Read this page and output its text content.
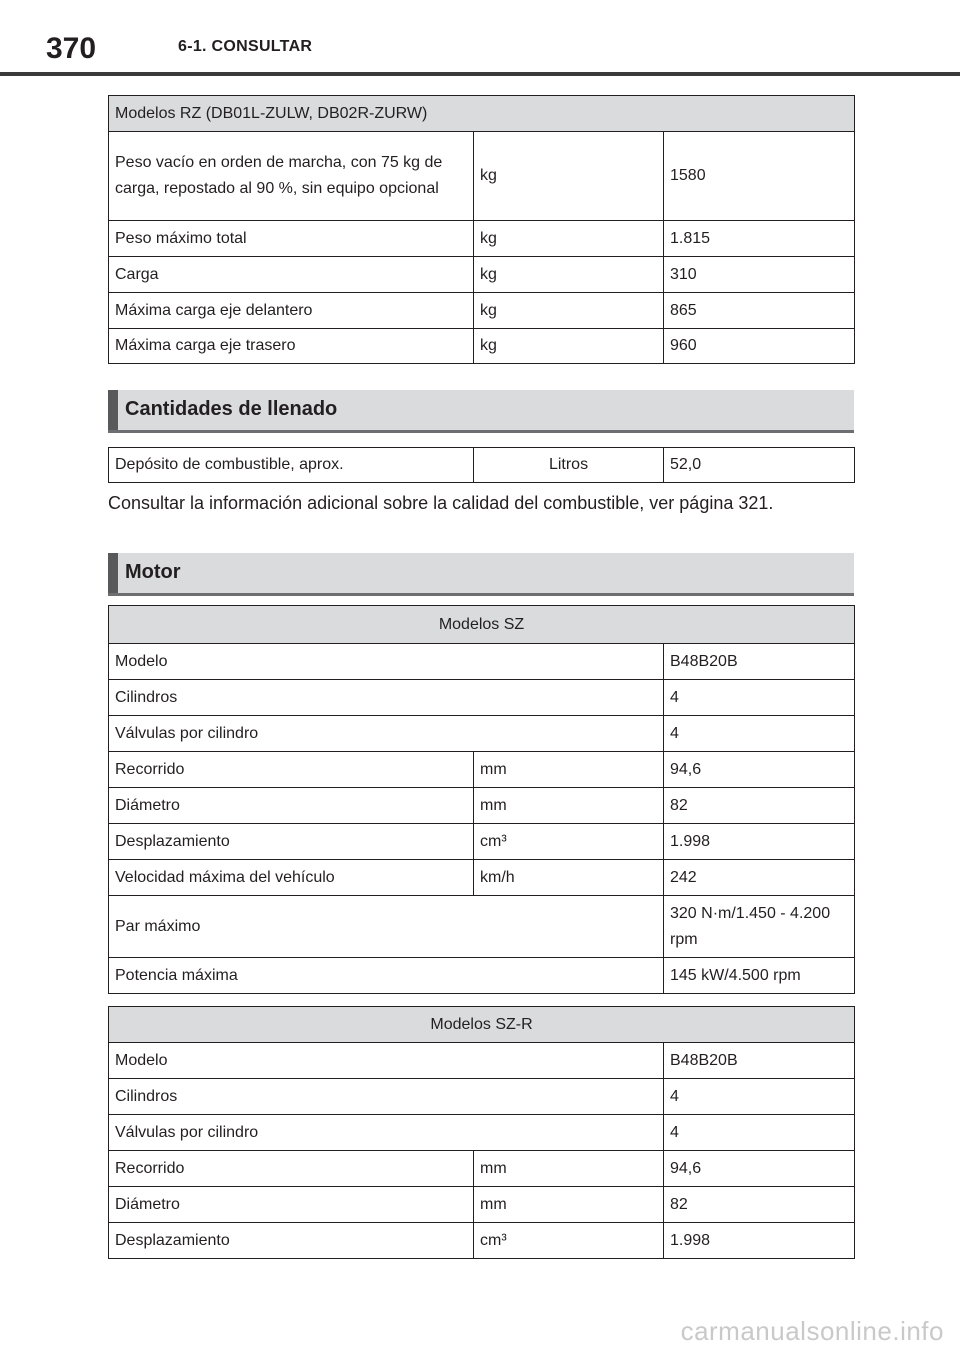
370	6-1. CONSULTAR
Modelos RZ (DB01L-ZULW, DB02R-ZURW)		
Peso vacío en orden de marcha, con 75 kg de carga, repostado al 90 %, sin equipo opcional	kg	1580
Peso máximo total	kg	1.815
Carga	kg	310
Máxima carga eje delantero	kg	865
Máxima carga eje trasero	kg	960
Cantidades de llenado
Depósito de combustible, aprox.	Litros	52,0
Consultar la información adicional sobre la calidad del combustible, ver página 321.
Motor
Modelos SZ		
Modelo		B48B20B
Cilindros		4
Válvulas por cilindro		4
Recorrido	mm	94,6
Diámetro	mm	82
Desplazamiento	cm³	1.998
Velocidad máxima del vehículo	km/h	242
Par máximo		320 N·m/1.450 - 4.200 rpm
Potencia máxima		145 kW/4.500 rpm
Modelos SZ-R		
Modelo		B48B20B
Cilindros		4
Válvulas por cilindro		4
Recorrido	mm	94,6
Diámetro	mm	82
Desplazamiento	cm³	1.998
carmanualsonline.info
